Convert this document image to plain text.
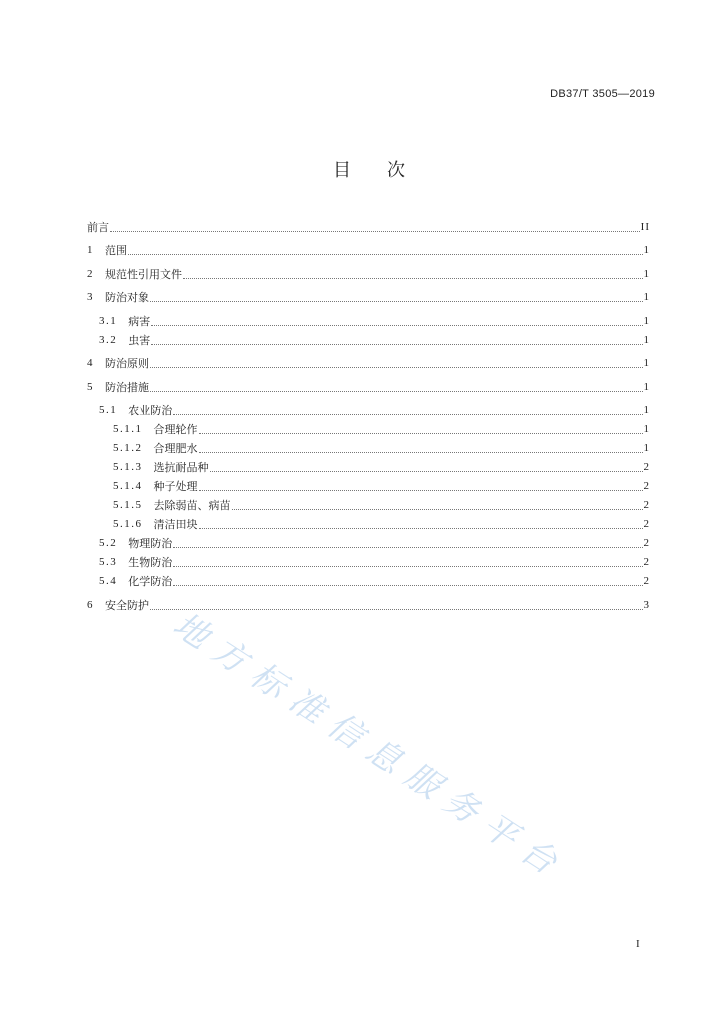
DB37/T 3505—2019
目　　次
前言	II
1 范围	1
2 规范性引用文件	1
3 防治对象	1
3.1 病害	1
3.2 虫害	1
4 防治原则	1
5 防治措施	1
5.1 农业防治	1
5.1.1 合理轮作	1
5.1.2 合理肥水	1
5.1.3 选抗耐品种	2
5.1.4 种子处理	2
5.1.5 去除弱苗、病苗	2
5.1.6 清洁田块	2
5.2 物理防治	2
5.3 生物防治	2
5.4 化学防治	2
6 安全防护	3
地方标准信息服务平台
I
